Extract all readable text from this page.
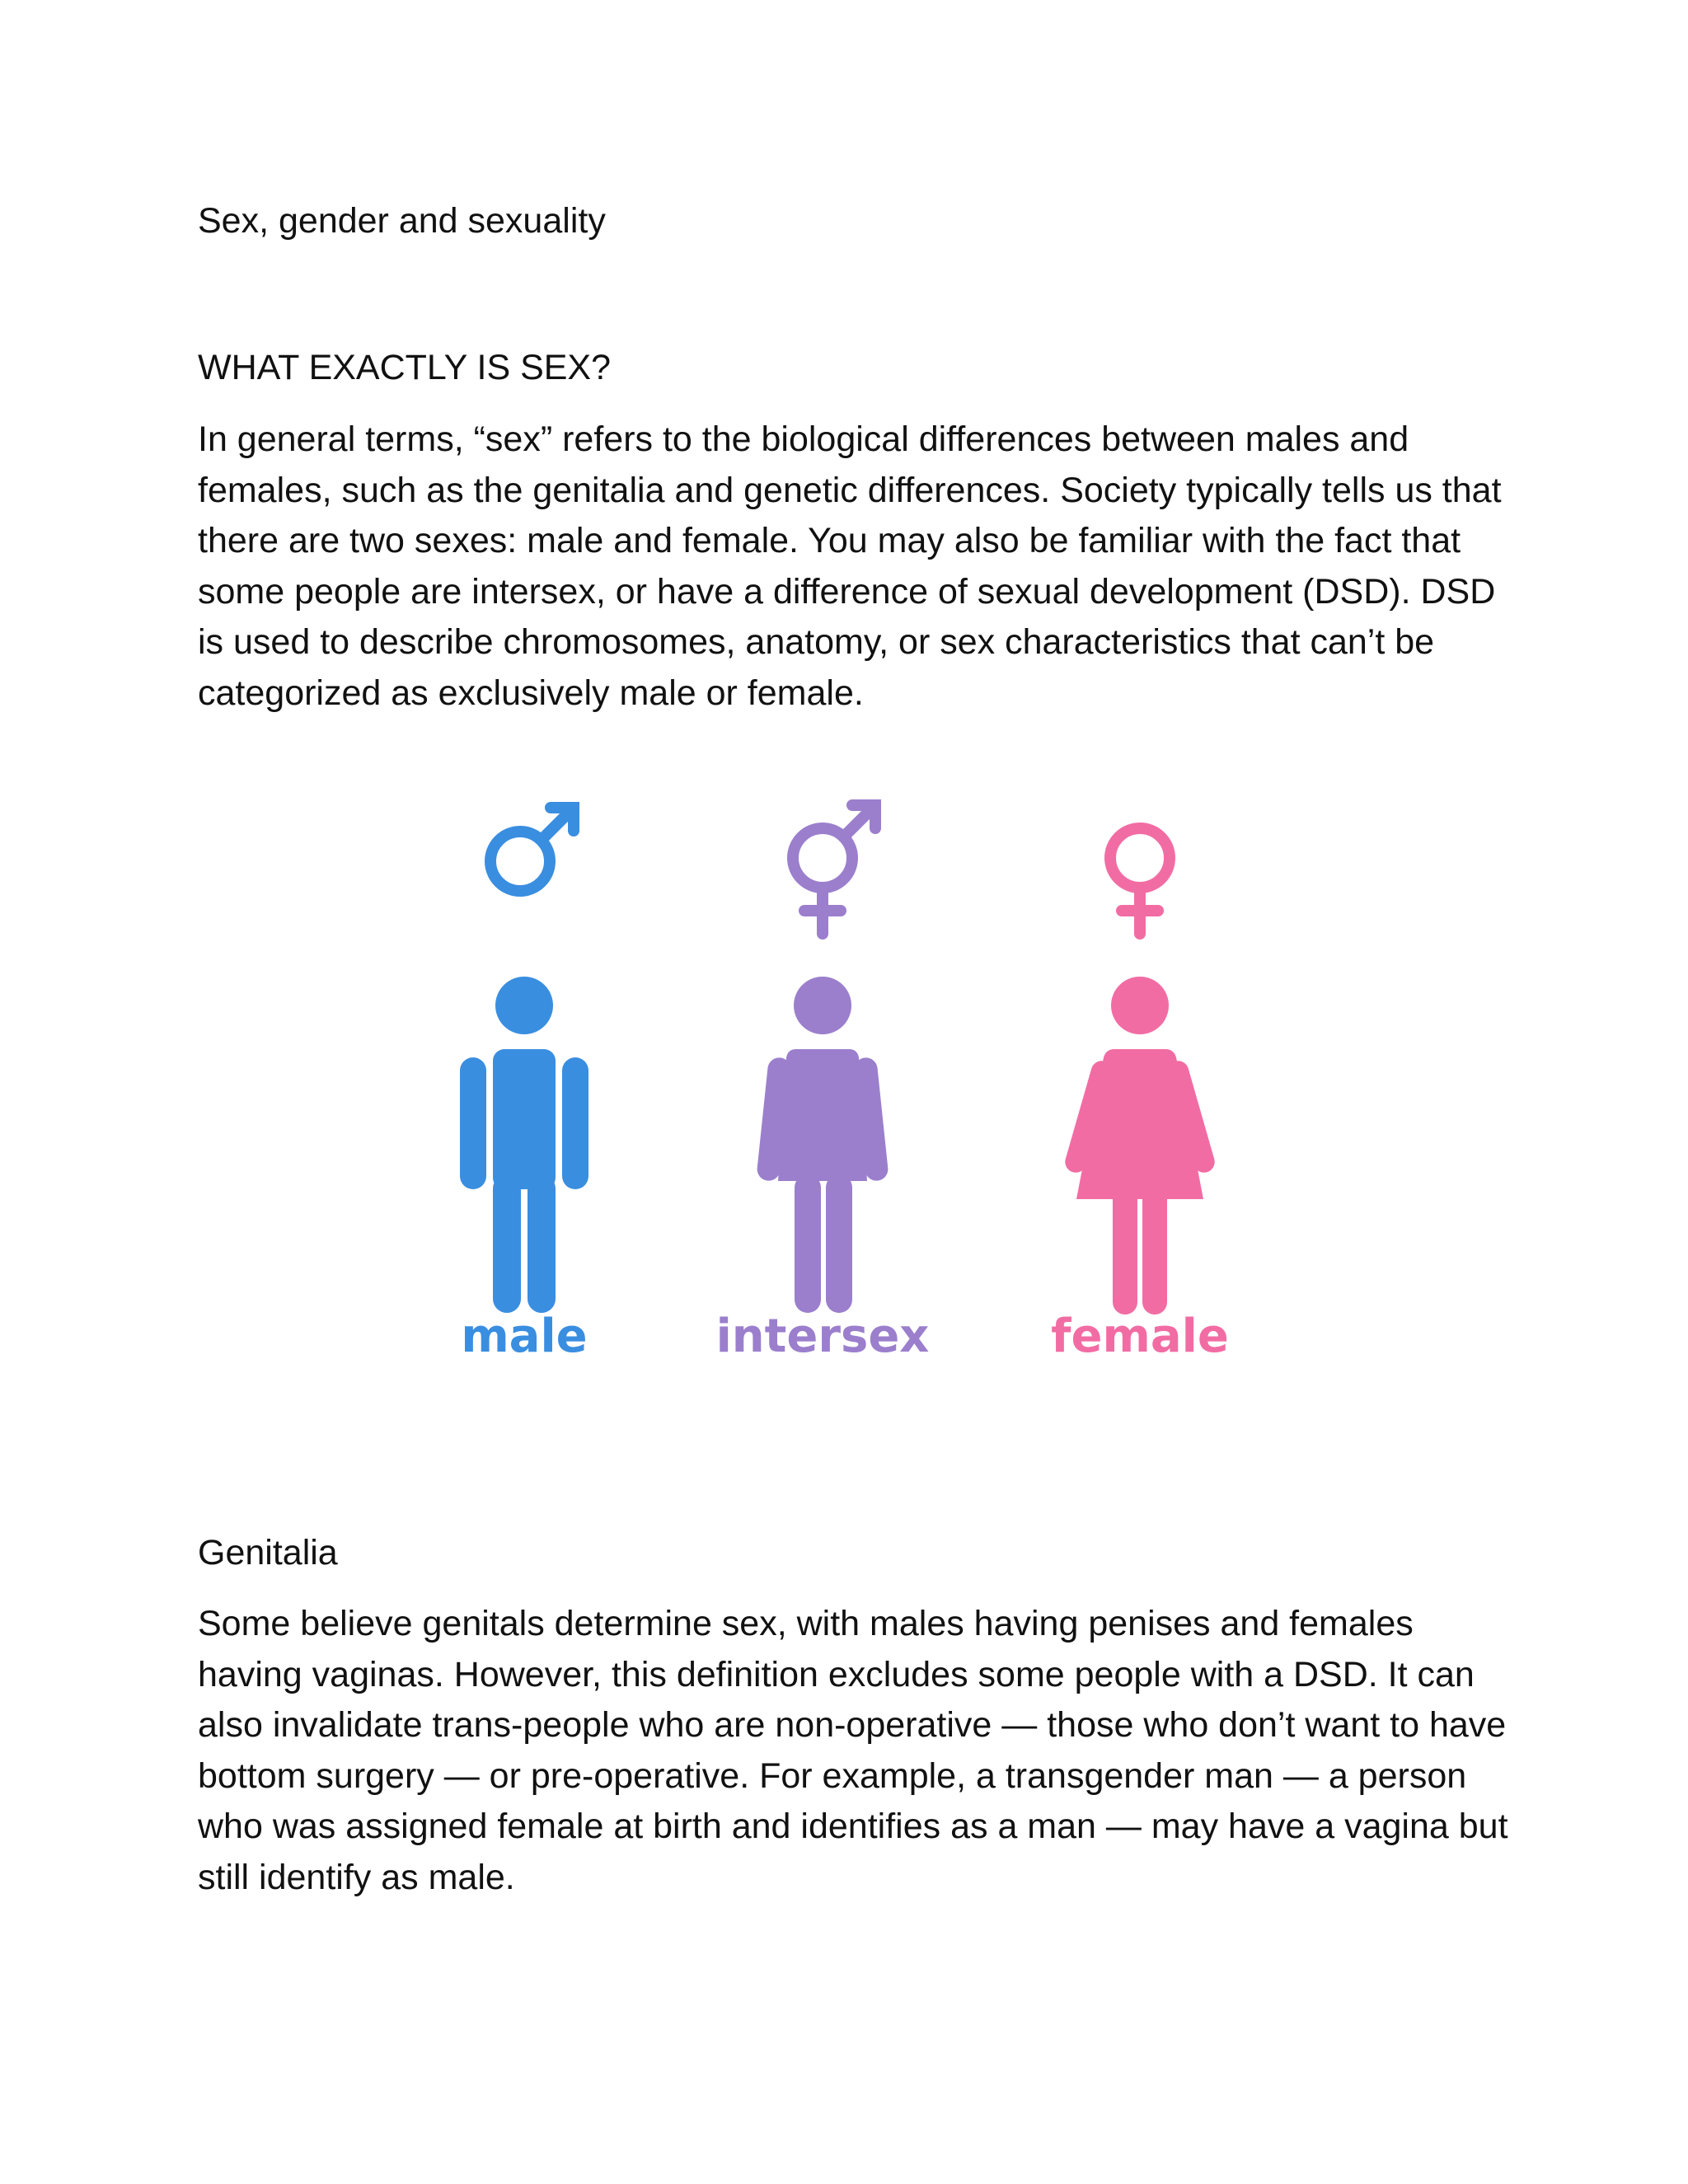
Sex, gender and sexuality
WHAT EXACTLY IS SEX?

In general terms, “sex” refers to the biological differences between males and females, such as the genitalia and genetic differences. Society typically tells us that there are two sexes: male and female. You may also be familiar with the fact that some people are intersex, or have a difference of sexual development (DSD). DSD is used to describe chromosomes, anatomy, or sex characteristics that can’t be categorized as exclusively male or female.

male	intersex	female
Genitalia

Some believe genitals determine sex, with males having penises and females having vaginas. However, this definition excludes some people with a DSD. It can also invalidate trans-people who are non-operative — those who don’t want to have bottom surgery — or pre-operative. For example, a transgender man — a person who was assigned female at birth and identifies as a man — may have a vagina but still identify as male.
